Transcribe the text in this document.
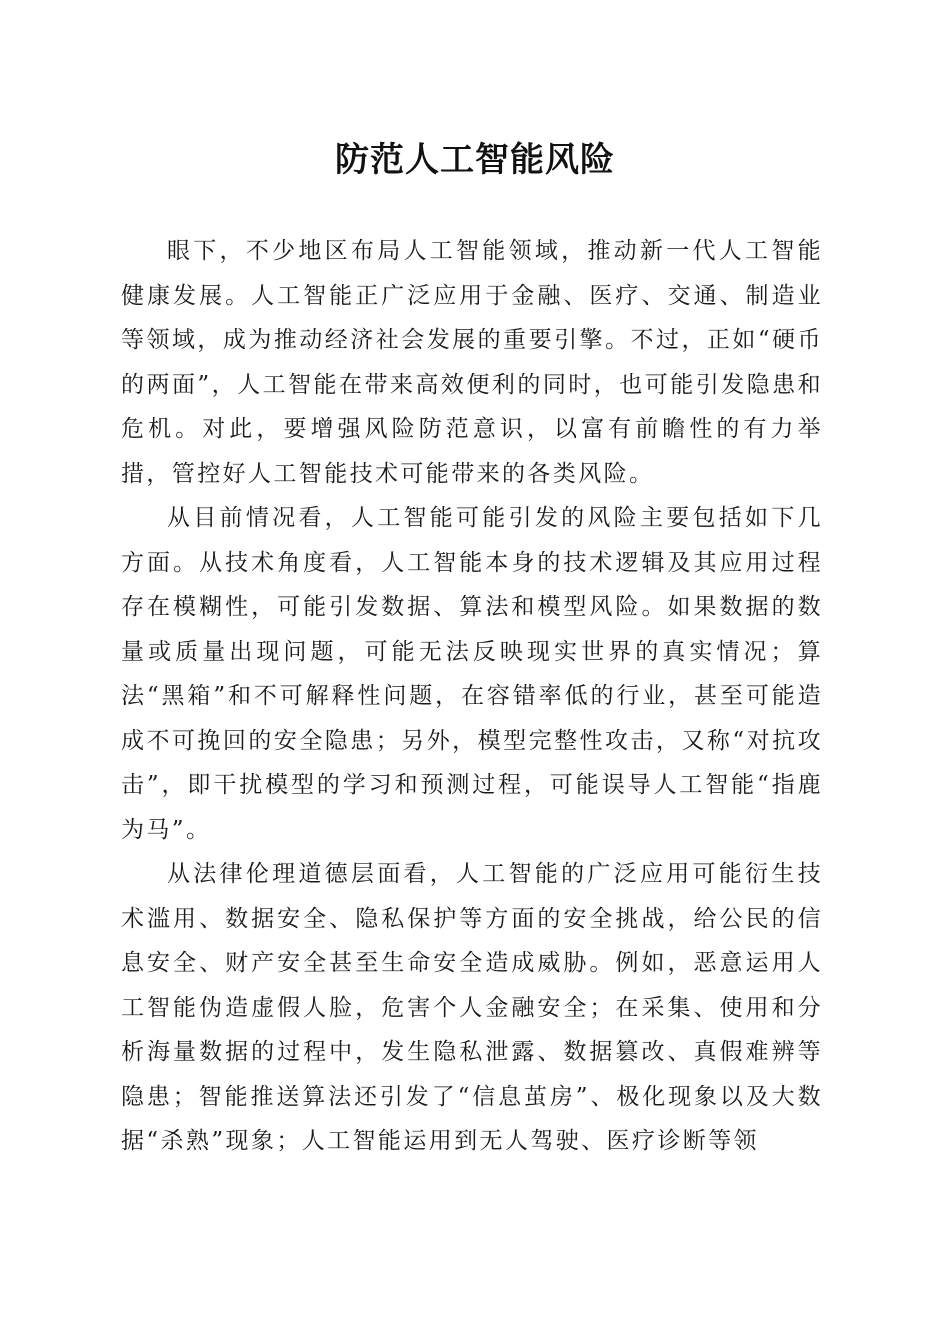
防范人工智能风险

眼下，不少地区布局人工智能领域，推动新一代人工智能健康发展。人工智能正广泛应用于金融、医疗、交通、制造业等领域，成为推动经济社会发展的重要引擎。不过，正如“硬币的两面”，人工智能在带来高效便利的同时，也可能引发隐患和危机。对此，要增强风险防范意识，以富有前瞻性的有力举措，管控好人工智能技术可能带来的各类风险。

从目前情况看，人工智能可能引发的风险主要包括如下几方面。从技术角度看，人工智能本身的技术逻辑及其应用过程存在模糊性，可能引发数据、算法和模型风险。如果数据的数量或质量出现问题，可能无法反映现实世界的真实情况；算法“黑箱”和不可解释性问题，在容错率低的行业，甚至可能造成不可挽回的安全隐患；另外，模型完整性攻击，又称“对抗攻击”，即干扰模型的学习和预测过程，可能误导人工智能“指鹿为马”。

从法律伦理道德层面看，人工智能的广泛应用可能衍生技术滥用、数据安全、隐私保护等方面的安全挑战，给公民的信息安全、财产安全甚至生命安全造成威胁。例如，恶意运用人工智能伪造虚假人脸，危害个人金融安全；在采集、使用和分析海量数据的过程中，发生隐私泄露、数据篡改、真假难辨等隐患；智能推送算法还引发了“信息茧房”、极化现象以及大数据“杀熟”现象；人工智能运用到无人驾驶、医疗诊断等领
